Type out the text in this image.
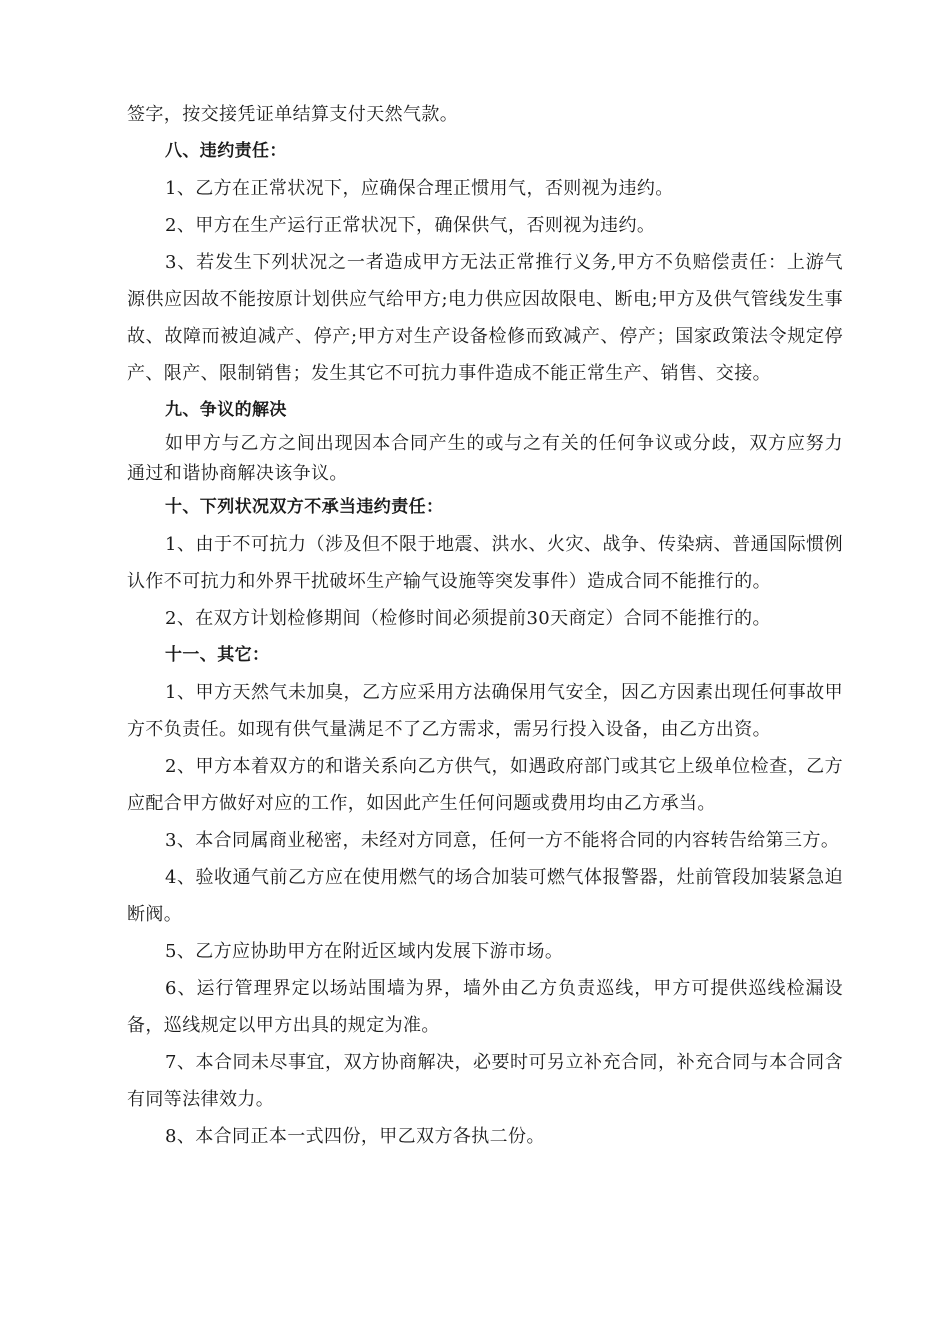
签字，按交接凭证单结算支付天然气款。

八、违约责任：

1、乙方在正常状况下，应确保合理正惯用气，否则视为违约。

2、甲方在生产运行正常状况下，确保供气，否则视为违约。

3、若发生下列状况之一者造成甲方无法正常推行义务,甲方不负赔偿责任：上游气源供应因故不能按原计划供应气给甲方;电力供应因故限电、断电;甲方及供气管线发生事故、故障而被迫减产、停产;甲方对生产设备检修而致减产、停产；国家政策法令规定停产、限产、限制销售；发生其它不可抗力事件造成不能正常生产、销售、交接。

九、争议的解决

如甲方与乙方之间出现因本合同产生的或与之有关的任何争议或分歧，双方应努力通过和谐协商解决该争议。

十、下列状况双方不承当违约责任：

1、由于不可抗力（涉及但不限于地震、洪水、火灾、战争、传染病、普通国际惯例认作不可抗力和外界干扰破坏生产输气设施等突发事件）造成合同不能推行的。

2、在双方计划检修期间（检修时间必须提前30天商定）合同不能推行的。

十一、其它：

1、甲方天然气未加臭，乙方应采用方法确保用气安全，因乙方因素出现任何事故甲方不负责任。如现有供气量满足不了乙方需求，需另行投入设备，由乙方出资。

2、甲方本着双方的和谐关系向乙方供气，如遇政府部门或其它上级单位检查，乙方应配合甲方做好对应的工作，如因此产生任何问题或费用均由乙方承当。

3、本合同属商业秘密，未经对方同意，任何一方不能将合同的内容转告给第三方。

4、验收通气前乙方应在使用燃气的场合加装可燃气体报警器，灶前管段加装紧急迫断阀。

5、乙方应协助甲方在附近区域内发展下游市场。

6、运行管理界定以场站围墙为界，墙外由乙方负责巡线，甲方可提供巡线检漏设备，巡线规定以甲方出具的规定为准。

7、本合同未尽事宜，双方协商解决，必要时可另立补充合同，补充合同与本合同含有同等法律效力。

8、本合同正本一式四份，甲乙双方各执二份。
